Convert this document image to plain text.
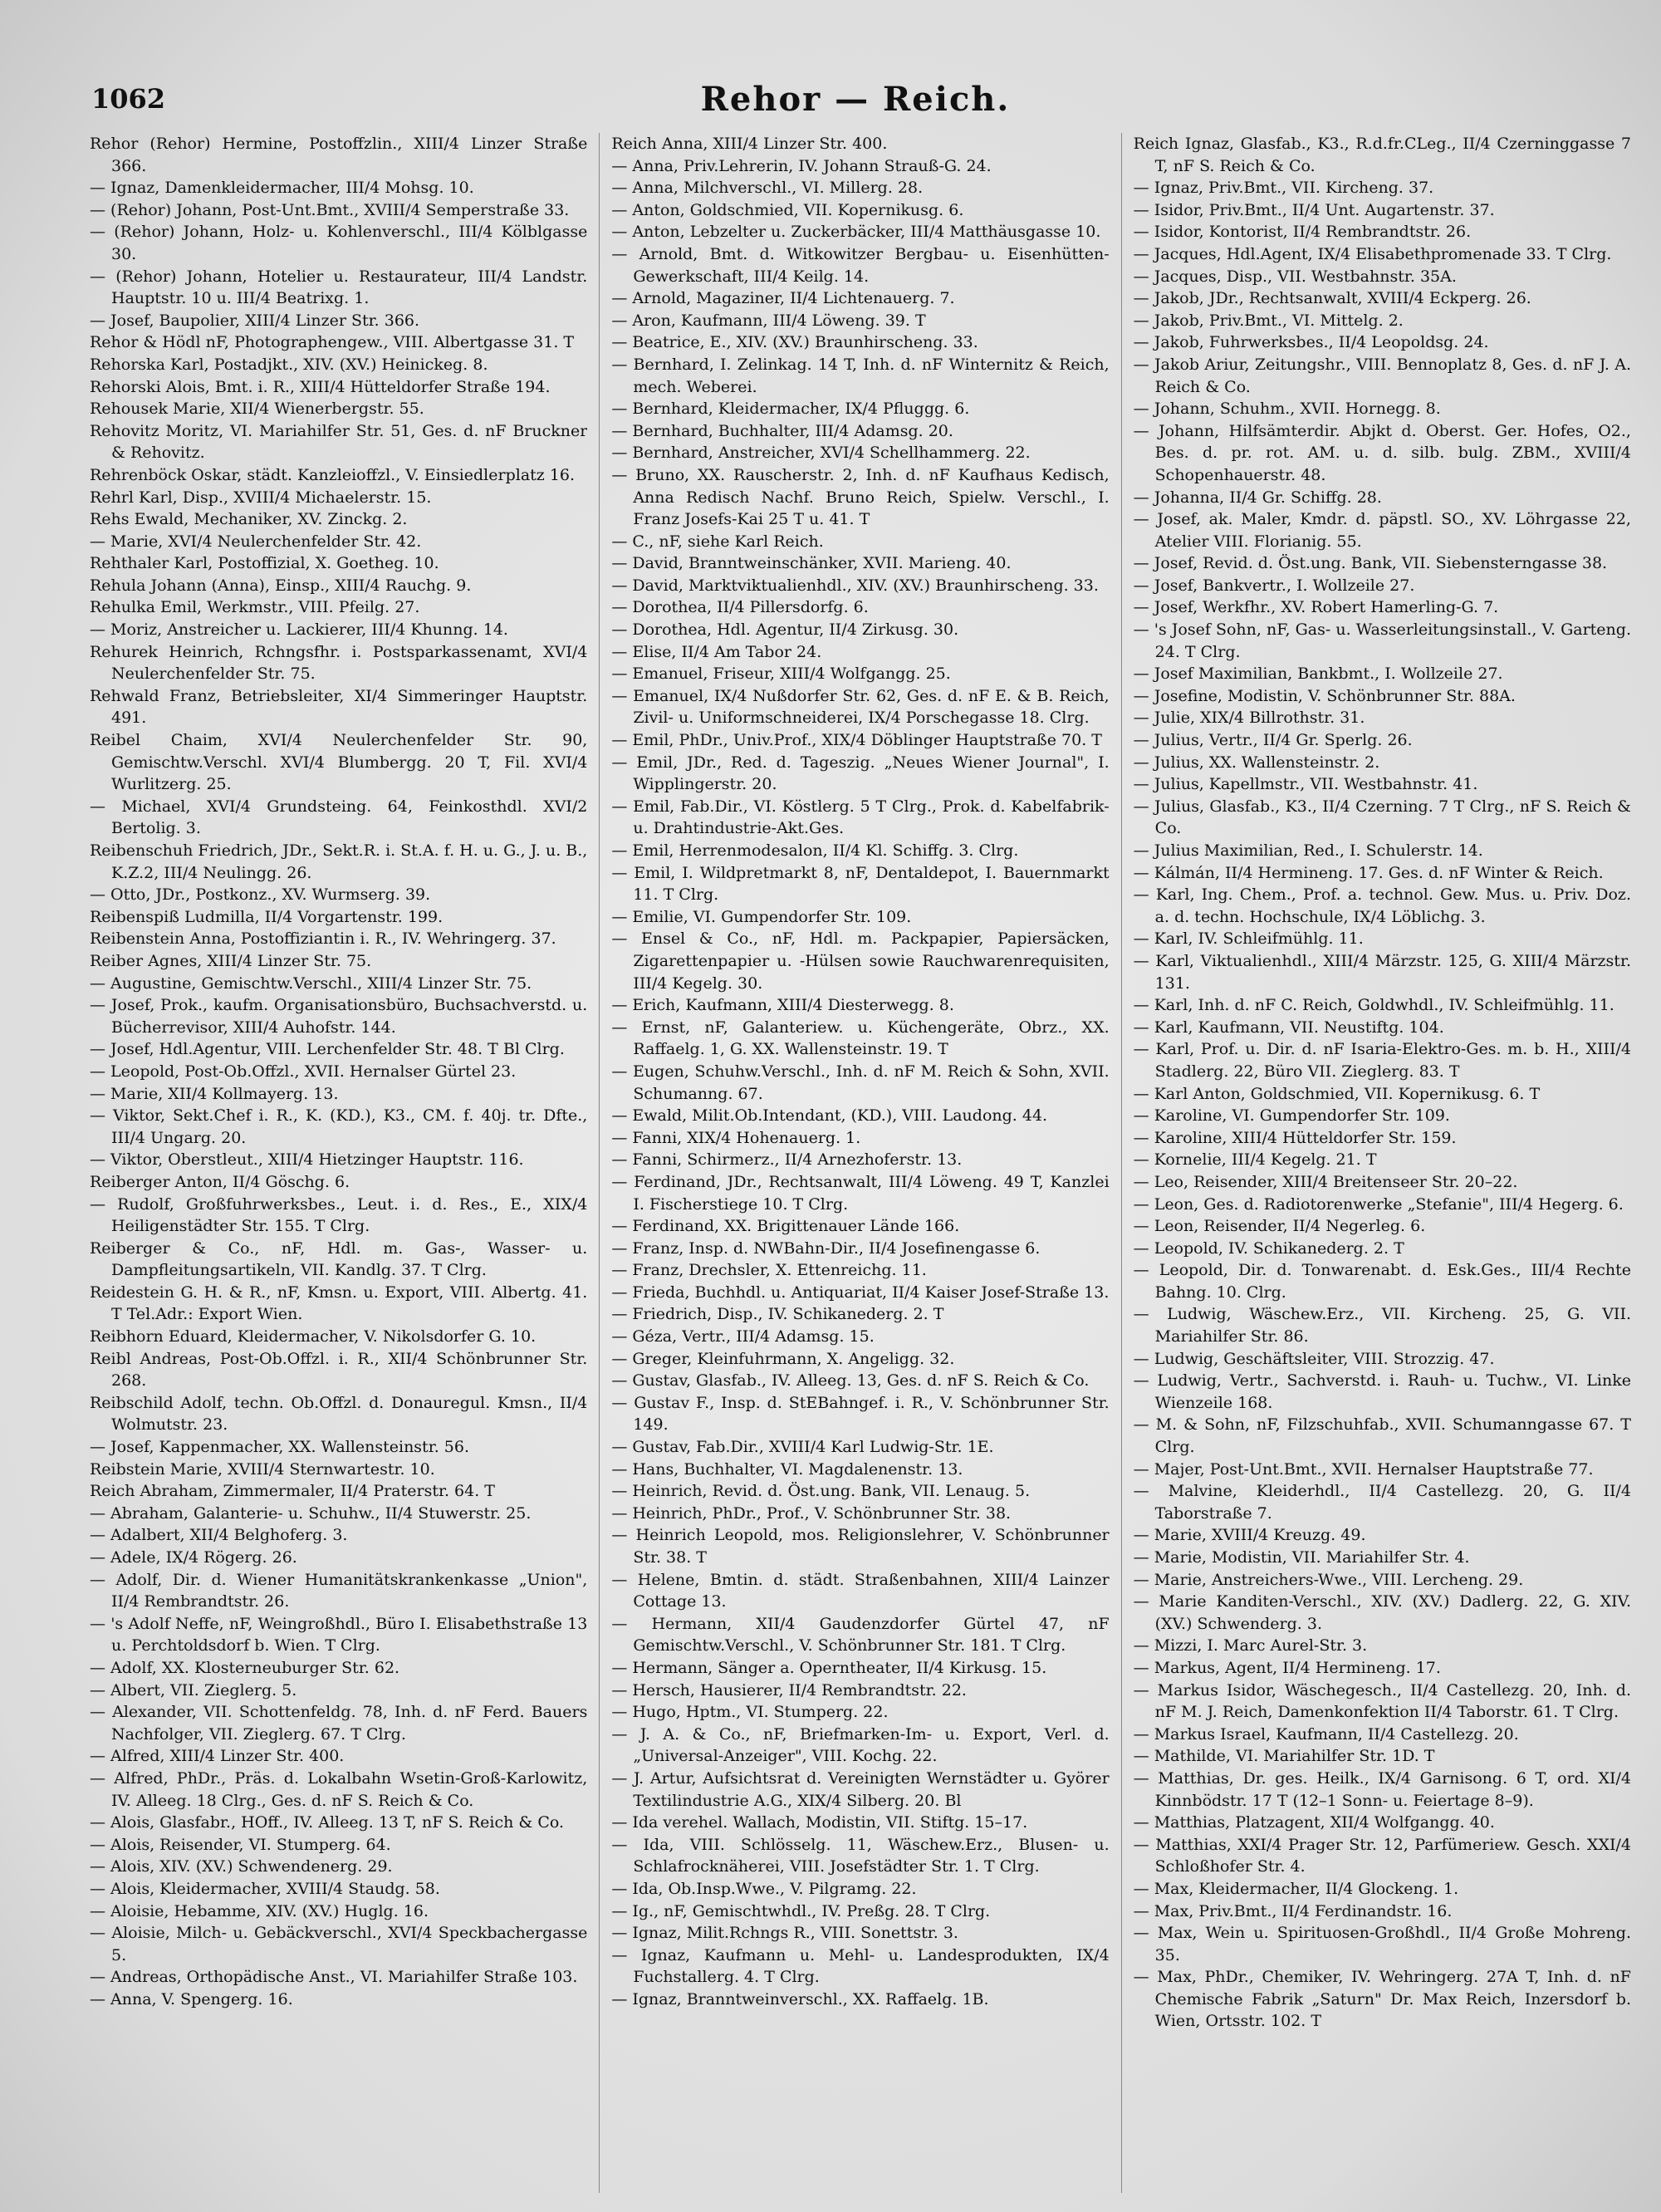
1062	Rehor — Reich.

Rehor (Rehor) Hermine, Postoffzlin., XIII/4 Linzer Straße 366.

— Ignaz, Damenkleidermacher, III/4 Mohsg. 10.

— (Rehor) Johann, Post-Unt.Bmt., XVIII/4 Semperstraße 33.

— (Rehor) Johann, Holz- u. Kohlenverschl., III/4 Kölblgasse 30.

— (Rehor) Johann, Hotelier u. Restaurateur, III/4 Landstr. Hauptstr. 10 u. III/4 Beatrixg. 1.

— Josef, Baupolier, XIII/4 Linzer Str. 366.

Rehor & Hödl nF, Photographengew., VIII. Albertgasse 31. T

Rehorska Karl, Postadjkt., XIV. (XV.) Heinickeg. 8.

Rehorski Alois, Bmt. i. R., XIII/4 Hütteldorfer Straße 194.

Rehousek Marie, XII/4 Wienerbergstr. 55.

Rehovitz Moritz, VI. Mariahilfer Str. 51, Ges. d. nF Bruckner & Rehovitz.

Rehrenböck Oskar, städt. Kanzleioffzl., V. Einsiedlerplatz 16.

Rehrl Karl, Disp., XVIII/4 Michaelerstr. 15.

Rehs Ewald, Mechaniker, XV. Zinckg. 2.

— Marie, XVI/4 Neulerchenfelder Str. 42.

Rehthaler Karl, Postoffizial, X. Goetheg. 10.

Rehula Johann (Anna), Einsp., XIII/4 Rauchg. 9.

Rehulka Emil, Werkmstr., VIII. Pfeilg. 27.

— Moriz, Anstreicher u. Lackierer, III/4 Khunng. 14.

Rehurek Heinrich, Rchngsfhr. i. Postsparkassenamt, XVI/4 Neulerchenfelder Str. 75.

Rehwald Franz, Betriebsleiter, XI/4 Simmeringer Hauptstr. 491.

Reibel Chaim, XVI/4 Neulerchenfelder Str. 90, Gemischtw.Verschl. XVI/4 Blumbergg. 20 T, Fil. XVI/4 Wurlitzerg. 25.

— Michael, XVI/4 Grundsteing. 64, Feinkosthdl. XVI/2 Bertolig. 3.

Reibenschuh Friedrich, JDr., Sekt.R. i. St.A. f. H. u. G., J. u. B., K.Z.2, III/4 Neulingg. 26.

— Otto, JDr., Postkonz., XV. Wurmserg. 39.

Reibenspiß Ludmilla, II/4 Vorgartenstr. 199.

Reibenstein Anna, Postoffiziantin i. R., IV. Wehringerg. 37.

Reiber Agnes, XIII/4 Linzer Str. 75.

— Augustine, Gemischtw.Verschl., XIII/4 Linzer Str. 75.

— Josef, Prok., kaufm. Organisationsbüro, Buchsachverstd. u. Bücherrevisor, XIII/4 Auhofstr. 144.

— Josef, Hdl.Agentur, VIII. Lerchenfelder Str. 48. T Bl Clrg.

— Leopold, Post-Ob.Offzl., XVII. Hernalser Gürtel 23.

— Marie, XII/4 Kollmayerg. 13.

— Viktor, Sekt.Chef i. R., K. (KD.), K3., CM. f. 40j. tr. Dfte., III/4 Ungarg. 20.

— Viktor, Oberstleut., XIII/4 Hietzinger Hauptstr. 116.

Reiberger Anton, II/4 Göschg. 6.

— Rudolf, Großfuhrwerksbes., Leut. i. d. Res., E., XIX/4 Heiligenstädter Str. 155. T Clrg.

Reiberger & Co., nF, Hdl. m. Gas-, Wasser- u. Dampfleitungsartikeln, VII. Kandlg. 37. T Clrg.

Reidestein G. H. & R., nF, Kmsn. u. Export, VIII. Albertg. 41. T Tel.Adr.: Export Wien.

Reibhorn Eduard, Kleidermacher, V. Nikolsdorfer G. 10.

Reibl Andreas, Post-Ob.Offzl. i. R., XII/4 Schönbrunner Str. 268.

Reibschild Adolf, techn. Ob.Offzl. d. Donauregul. Kmsn., II/4 Wolmutstr. 23.

— Josef, Kappenmacher, XX. Wallensteinstr. 56.

Reibstein Marie, XVIII/4 Sternwartestr. 10.

Reich Abraham, Zimmermaler, II/4 Praterstr. 64. T

— Abraham, Galanterie- u. Schuhw., II/4 Stuwerstr. 25.

— Adalbert, XII/4 Belghoferg. 3.

— Adele, IX/4 Rögerg. 26.

— Adolf, Dir. d. Wiener Humanitätskrankenkasse „Union", II/4 Rembrandtstr. 26.

— 's Adolf Neffe, nF, Weingroßhdl., Büro I. Elisabethstraße 13 u. Perchtoldsdorf b. Wien. T Clrg.

— Adolf, XX. Klosterneuburger Str. 62.

— Albert, VII. Zieglerg. 5.

— Alexander, VII. Schottenfeldg. 78, Inh. d. nF Ferd. Bauers Nachfolger, VII. Zieglerg. 67. T Clrg.

— Alfred, XIII/4 Linzer Str. 400.

— Alfred, PhDr., Präs. d. Lokalbahn Wsetin-Groß-Karlowitz, IV. Alleeg. 18 Clrg., Ges. d. nF S. Reich & Co.

— Alois, Glasfabr., HOff., IV. Alleeg. 13 T, nF S. Reich & Co.

— Alois, Reisender, VI. Stumperg. 64.

— Alois, XIV. (XV.) Schwendenerg. 29.

— Alois, Kleidermacher, XVIII/4 Staudg. 58.

— Aloisie, Hebamme, XIV. (XV.) Huglg. 16.

— Aloisie, Milch- u. Gebäckverschl., XVI/4 Speckbachergasse 5.

— Andreas, Orthopädische Anst., VI. Mariahilfer Straße 103.

— Anna, V. Spengerg. 16.

Reich Anna, XIII/4 Linzer Str. 400.

— Anna, Priv.Lehrerin, IV. Johann Strauß-G. 24.

— Anna, Milchverschl., VI. Millerg. 28.

— Anton, Goldschmied, VII. Kopernikusg. 6.

— Anton, Lebzelter u. Zuckerbäcker, III/4 Matthäusgasse 10.

— Arnold, Bmt. d. Witkowitzer Bergbau- u. Eisenhütten-Gewerkschaft, III/4 Keilg. 14.

— Arnold, Magaziner, II/4 Lichtenauerg. 7.

— Aron, Kaufmann, III/4 Löweng. 39. T

— Beatrice, E., XIV. (XV.) Braunhirscheng. 33.

— Bernhard, I. Zelinkag. 14 T, Inh. d. nF Winternitz & Reich, mech. Weberei.

— Bernhard, Kleidermacher, IX/4 Pfluggg. 6.

— Bernhard, Buchhalter, III/4 Adamsg. 20.

— Bernhard, Anstreicher, XVI/4 Schellhammerg. 22.

— Bruno, XX. Rauscherstr. 2, Inh. d. nF Kaufhaus Kedisch, Anna Redisch Nachf. Bruno Reich, Spielw. Verschl., I. Franz Josefs-Kai 25 T u. 41. T

— C., nF, siehe Karl Reich.

— David, Branntweinschänker, XVII. Marieng. 40.

— David, Marktviktualienhdl., XIV. (XV.) Braunhirscheng. 33.

— Dorothea, II/4 Pillersdorfg. 6.

— Dorothea, Hdl. Agentur, II/4 Zirkusg. 30.

— Elise, II/4 Am Tabor 24.

— Emanuel, Friseur, XIII/4 Wolfgangg. 25.

— Emanuel, IX/4 Nußdorfer Str. 62, Ges. d. nF E. & B. Reich, Zivil- u. Uniformschneiderei, IX/4 Porschegasse 18. Clrg.

— Emil, PhDr., Univ.Prof., XIX/4 Döblinger Hauptstraße 70. T

— Emil, JDr., Red. d. Tageszig. „Neues Wiener Journal", I. Wipplingerstr. 20.

— Emil, Fab.Dir., VI. Köstlerg. 5 T Clrg., Prok. d. Kabelfabrik- u. Drahtindustrie-Akt.Ges.

— Emil, Herrenmodesalon, II/4 Kl. Schiffg. 3. Clrg.

— Emil, I. Wildpretmarkt 8, nF, Dentaldepot, I. Bauernmarkt 11. T Clrg.

— Emilie, VI. Gumpendorfer Str. 109.

— Ensel & Co., nF, Hdl. m. Packpapier, Papiersäcken, Zigarettenpapier u. -Hülsen sowie Rauchwarenrequisiten, III/4 Kegelg. 30.

— Erich, Kaufmann, XIII/4 Diesterwegg. 8.

— Ernst, nF, Galanteriew. u. Küchengeräte, Obrz., XX. Raffaelg. 1, G. XX. Wallensteinstr. 19. T

— Eugen, Schuhw.Verschl., Inh. d. nF M. Reich & Sohn, XVII. Schumanng. 67.

— Ewald, Milit.Ob.Intendant, (KD.), VIII. Laudong. 44.

— Fanni, XIX/4 Hohenauerg. 1.

— Fanni, Schirmerz., II/4 Arnezhoferstr. 13.

— Ferdinand, JDr., Rechtsanwalt, III/4 Löweng. 49 T, Kanzlei I. Fischerstiege 10. T Clrg.

— Ferdinand, XX. Brigittenauer Lände 166.

— Franz, Insp. d. NWBahn-Dir., II/4 Josefinengasse 6.

— Franz, Drechsler, X. Ettenreichg. 11.

— Frieda, Buchhdl. u. Antiquariat, II/4 Kaiser Josef-Straße 13.

— Friedrich, Disp., IV. Schikanederg. 2. T

— Géza, Vertr., III/4 Adamsg. 15.

— Greger, Kleinfuhrmann, X. Angeligg. 32.

— Gustav, Glasfab., IV. Alleeg. 13, Ges. d. nF S. Reich & Co.

— Gustav F., Insp. d. StEBahngef. i. R., V. Schönbrunner Str. 149.

— Gustav, Fab.Dir., XVIII/4 Karl Ludwig-Str. 1E.

— Hans, Buchhalter, VI. Magdalenenstr. 13.

— Heinrich, Revid. d. Öst.ung. Bank, VII. Lenaug. 5.

— Heinrich, PhDr., Prof., V. Schönbrunner Str. 38.

— Heinrich Leopold, mos. Religionslehrer, V. Schönbrunner Str. 38. T

— Helene, Bmtin. d. städt. Straßenbahnen, XIII/4 Lainzer Cottage 13.

— Hermann, XII/4 Gaudenzdorfer Gürtel 47, nF Gemischtw.Verschl., V. Schönbrunner Str. 181. T Clrg.

— Hermann, Sänger a. Operntheater, II/4 Kirkusg. 15.

— Hersch, Hausierer, II/4 Rembrandtstr. 22.

— Hugo, Hptm., VI. Stumperg. 22.

— J. A. & Co., nF, Briefmarken-Im- u. Export, Verl. d. „Universal-Anzeiger", VIII. Kochg. 22.

— J. Artur, Aufsichtsrat d. Vereinigten Wernstädter u. Györer Textilindustrie A.G., XIX/4 Silberg. 20. Bl

— Ida verehel. Wallach, Modistin, VII. Stiftg. 15–17.

— Ida, VIII. Schlösselg. 11, Wäschew.Erz., Blusen- u. Schlafrocknäherei, VIII. Josefstädter Str. 1. T Clrg.

— Ida, Ob.Insp.Wwe., V. Pilgramg. 22.

— Ig., nF, Gemischtwhdl., IV. Preßg. 28. T Clrg.

— Ignaz, Milit.Rchngs R., VIII. Sonettstr. 3.

— Ignaz, Kaufmann u. Mehl- u. Landesprodukten, IX/4 Fuchstallerg. 4. T Clrg.

— Ignaz, Branntweinverschl., XX. Raffaelg. 1B.

Reich Ignaz, Glasfab., K3., R.d.fr.CLeg., II/4 Czerninggasse 7 T, nF S. Reich & Co.

— Ignaz, Priv.Bmt., VII. Kircheng. 37.

— Isidor, Priv.Bmt., II/4 Unt. Augartenstr. 37.

— Isidor, Kontorist, II/4 Rembrandtstr. 26.

— Jacques, Hdl.Agent, IX/4 Elisabethpromenade 33. T Clrg.

— Jacques, Disp., VII. Westbahnstr. 35A.

— Jakob, JDr., Rechtsanwalt, XVIII/4 Eckperg. 26.

— Jakob, Priv.Bmt., VI. Mittelg. 2.

— Jakob, Fuhrwerksbes., II/4 Leopoldsg. 24.

— Jakob Ariur, Zeitungshr., VIII. Bennoplatz 8, Ges. d. nF J. A. Reich & Co.

— Johann, Schuhm., XVII. Hornegg. 8.

— Johann, Hilfsämterdir. Abjkt d. Oberst. Ger. Hofes, O2., Bes. d. pr. rot. AM. u. d. silb. bulg. ZBM., XVIII/4 Schopenhauerstr. 48.

— Johanna, II/4 Gr. Schiffg. 28.

— Josef, ak. Maler, Kmdr. d. päpstl. SO., XV. Löhrgasse 22, Atelier VIII. Florianig. 55.

— Josef, Revid. d. Öst.ung. Bank, VII. Siebensterngasse 38.

— Josef, Bankvertr., I. Wollzeile 27.

— Josef, Werkfhr., XV. Robert Hamerling-G. 7.

— 's Josef Sohn, nF, Gas- u. Wasserleitungsinstall., V. Garteng. 24. T Clrg.

— Josef Maximilian, Bankbmt., I. Wollzeile 27.

— Josefine, Modistin, V. Schönbrunner Str. 88A.

— Julie, XIX/4 Billrothstr. 31.

— Julius, Vertr., II/4 Gr. Sperlg. 26.

— Julius, XX. Wallensteinstr. 2.

— Julius, Kapellmstr., VII. Westbahnstr. 41.

— Julius, Glasfab., K3., II/4 Czerning. 7 T Clrg., nF S. Reich & Co.

— Julius Maximilian, Red., I. Schulerstr. 14.

— Kálmán, II/4 Hermineng. 17. Ges. d. nF Winter & Reich.

— Karl, Ing. Chem., Prof. a. technol. Gew. Mus. u. Priv. Doz. a. d. techn. Hochschule, IX/4 Löblichg. 3.

— Karl, IV. Schleifmühlg. 11.

— Karl, Viktualienhdl., XIII/4 Märzstr. 125, G. XIII/4 Märzstr. 131.

— Karl, Inh. d. nF C. Reich, Goldwhdl., IV. Schleifmühlg. 11.

— Karl, Kaufmann, VII. Neustiftg. 104.

— Karl, Prof. u. Dir. d. nF Isaria-Elektro-Ges. m. b. H., XIII/4 Stadlerg. 22, Büro VII. Zieglerg. 83. T

— Karl Anton, Goldschmied, VII. Kopernikusg. 6. T

— Karoline, VI. Gumpendorfer Str. 109.

— Karoline, XIII/4 Hütteldorfer Str. 159.

— Kornelie, III/4 Kegelg. 21. T

— Leo, Reisender, XIII/4 Breitenseer Str. 20–22.

— Leon, Ges. d. Radiotorenwerke „Stefanie", III/4 Hegerg. 6.

— Leon, Reisender, II/4 Negerleg. 6.

— Leopold, IV. Schikanederg. 2. T

— Leopold, Dir. d. Tonwarenabt. d. Esk.Ges., III/4 Rechte Bahng. 10. Clrg.

— Ludwig, Wäschew.Erz., VII. Kircheng. 25, G. VII. Mariahilfer Str. 86.

— Ludwig, Geschäftsleiter, VIII. Strozzig. 47.

— Ludwig, Vertr., Sachverstd. i. Rauh- u. Tuchw., VI. Linke Wienzeile 168.

— M. & Sohn, nF, Filzschuhfab., XVII. Schumanngasse 67. T Clrg.

— Majer, Post-Unt.Bmt., XVII. Hernalser Hauptstraße 77.

— Malvine, Kleiderhdl., II/4 Castellezg. 20, G. II/4 Taborstraße 7.

— Marie, XVIII/4 Kreuzg. 49.

— Marie, Modistin, VII. Mariahilfer Str. 4.

— Marie, Anstreichers-Wwe., VIII. Lercheng. 29.

— Marie Kanditen-Verschl., XIV. (XV.) Dadlerg. 22, G. XIV. (XV.) Schwenderg. 3.

— Mizzi, I. Marc Aurel-Str. 3.

— Markus, Agent, II/4 Hermineng. 17.

— Markus Isidor, Wäschegesch., II/4 Castellezg. 20, Inh. d. nF M. J. Reich, Damenkonfektion II/4 Taborstr. 61. T Clrg.

— Markus Israel, Kaufmann, II/4 Castellezg. 20.

— Mathilde, VI. Mariahilfer Str. 1D. T

— Matthias, Dr. ges. Heilk., IX/4 Garnisong. 6 T, ord. XI/4 Kinnbödstr. 17 T (12–1 Sonn- u. Feiertage 8–9).

— Matthias, Platzagent, XII/4 Wolfgangg. 40.

— Matthias, XXI/4 Prager Str. 12, Parfümeriew. Gesch. XXI/4 Schloßhofer Str. 4.

— Max, Kleidermacher, II/4 Glockeng. 1.

— Max, Priv.Bmt., II/4 Ferdinandstr. 16.

— Max, Wein u. Spirituosen-Großhdl., II/4 Große Mohreng. 35.

— Max, PhDr., Chemiker, IV. Wehringerg. 27A T, Inh. d. nF Chemische Fabrik „Saturn" Dr. Max Reich, Inzersdorf b. Wien, Ortsstr. 102. T
